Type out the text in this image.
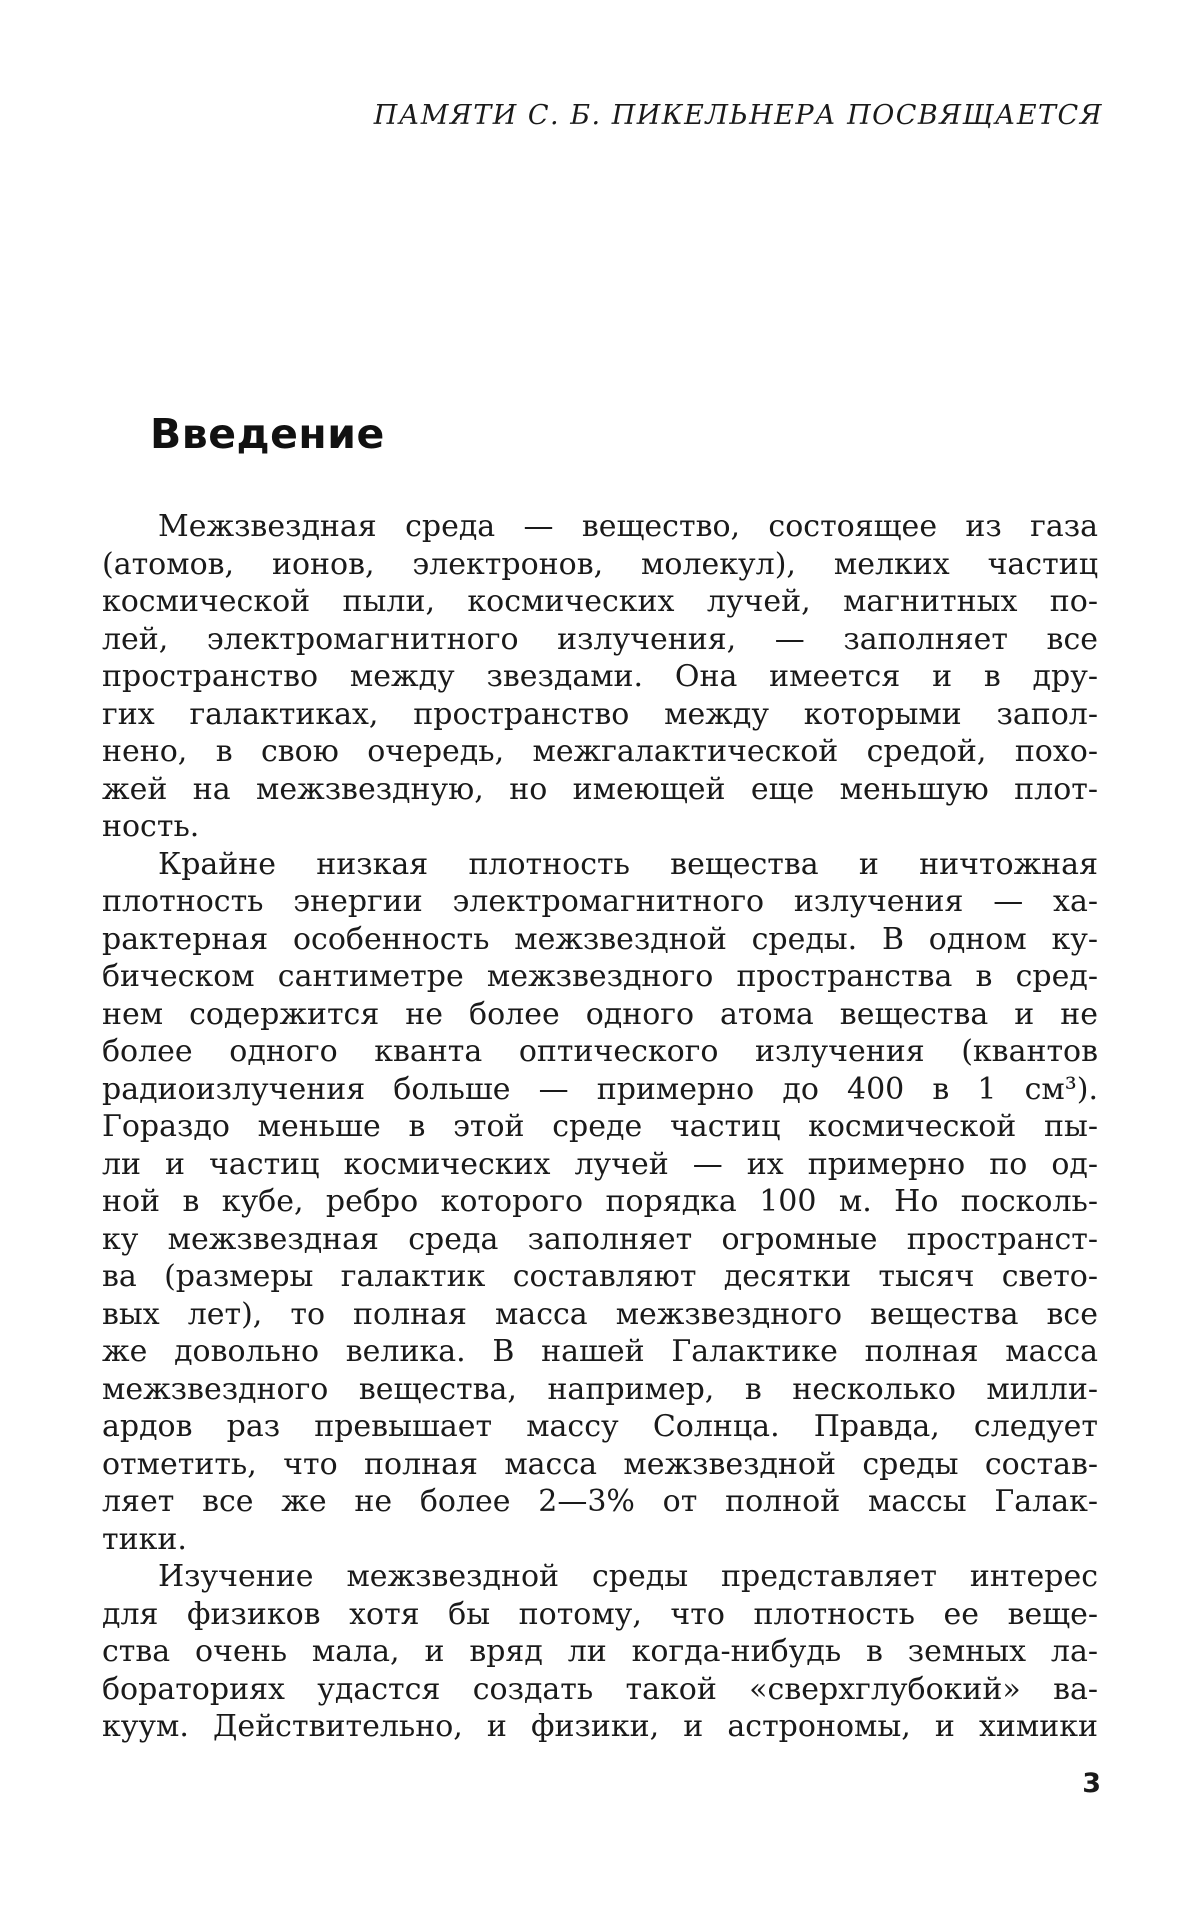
ПАМЯТИ С. Б. ПИКЕЛЬНЕРА ПОСВЯЩАЕТСЯ

Введение
Межзвездная среда — вещество, состоящее из газа
(атомов, ионов, электронов, молекул), мелких частиц
космической пыли, космических лучей, магнитных по-
лей, электромагнитного излучения, — заполняет все
пространство между звездами. Она имеется и в дру-
гих галактиках, пространство между которыми запол-
нено, в свою очередь, межгалактической средой, похо-
жей на межзвездную, но имеющей еще меньшую плот-
ность.
Крайне низкая плотность вещества и ничтожная
плотность энергии электромагнитного излучения — ха-
рактерная особенность межзвездной среды. В одном ку-
бическом сантиметре межзвездного пространства в сред-
нем содержится не более одного атома вещества и не
более одного кванта оптического излучения (квантов
радиоизлучения больше — примерно до 400 в 1 см³).
Гораздо меньше в этой среде частиц космической пы-
ли и частиц космических лучей — их примерно по од-
ной в кубе, ребро которого порядка 100 м. Но посколь-
ку межзвездная среда заполняет огромные пространст-
ва (размеры галактик составляют десятки тысяч свето-
вых лет), то полная масса межзвездного вещества все
же довольно велика. В нашей Галактике полная масса
межзвездного вещества, например, в несколько милли-
ардов раз превышает массу Солнца. Правда, следует
отметить, что полная масса межзвездной среды состав-
ляет все же не более 2—3% от полной массы Галак-
тики.
Изучение межзвездной среды представляет интерес
для физиков хотя бы потому, что плотность ее веще-
ства очень мала, и вряд ли когда-нибудь в земных ла-
бораториях удастся создать такой «сверхглубокий» ва-
куум. Действительно, и физики, и астрономы, и химики

3
